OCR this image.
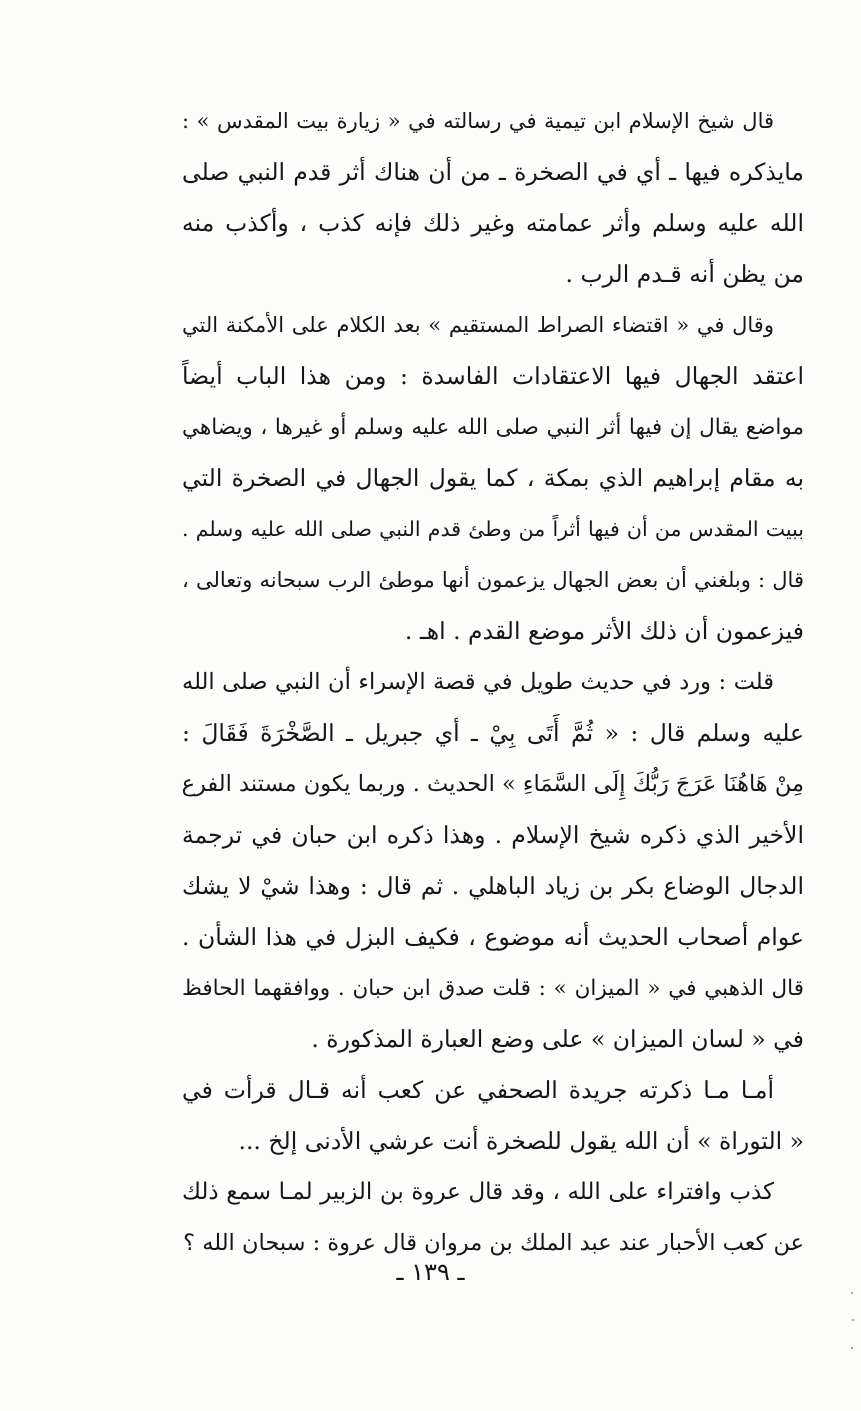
قال شيخ الإسلام ابن تيمية في رسالته في « زيارة بيت المقدس » :
مايذكره فيها ـ أي في الصخرة ـ من أن هناك أثر قدم النبي صلى
الله عليه وسلم وأثر عمامته وغير ذلك فإنه كذب ، وأكذب منه
من يظن أنه قـدم الرب .
وقال في « اقتضاء الصراط المستقيم » بعد الكلام على الأمكنة التي
اعتقد الجهال فيها الاعتقادات الفاسدة : ومن هذا الباب أيضاً
مواضع يقال إن فيها أثر النبي صلى الله عليه وسلم أو غيرها ، ويضاهي
به مقام إبراهيم الذي بمكة ، كما يقول الجهال في الصخرة التي
ببيت المقدس من أن فيها أثراً من وطئ قدم النبي صلى الله عليه وسلم .
قال : وبلغني أن بعض الجهال يزعمون أنها موطئ الرب سبحانه وتعالى ،
فيزعمون أن ذلك الأثر موضع القدم . اهـ .
قلت : ورد في حديث طويل في قصة الإسراء أن النبي صلى الله
عليه وسلم قال : « ثُمَّ أَتَى بِيْ ـ أي جبريل ـ الصَّخْرَةَ فَقَالَ :
مِنْ هَاهُنَا عَرَجَ رَبُّكَ إِلَى السَّمَاءِ » الحديث . وربما يكون مستند الفرع
الأخير الذي ذكره شيخ الإسلام . وهذا ذكره ابن حبان في ترجمة
الدجال الوضاع بكر بن زياد الباهلي . ثم قال : وهذا شيْ لا يشك
عوام أصحاب الحديث أنه موضوع ، فكيف البزل في هذا الشأن .
قال الذهبي في « الميزان » : قلت صدق ابن حبان . ووافقهما الحافظ
في « لسان الميزان » على وضع العبارة المذكورة .
أمـا مـا ذكرته جريدة الصحفي عن كعب أنه قـال قرأت في
« التوراة » أن الله يقول للصخرة أنت عرشي الأدنى إلخ ...
كذب وافتراء على الله ، وقد قال عروة بن الزبير لمـا سمع ذلك
عن كعب الأحبار عند عبد الملك بن مروان قال عروة : سبحان الله ؟
ـ ١٣٩ ـ
